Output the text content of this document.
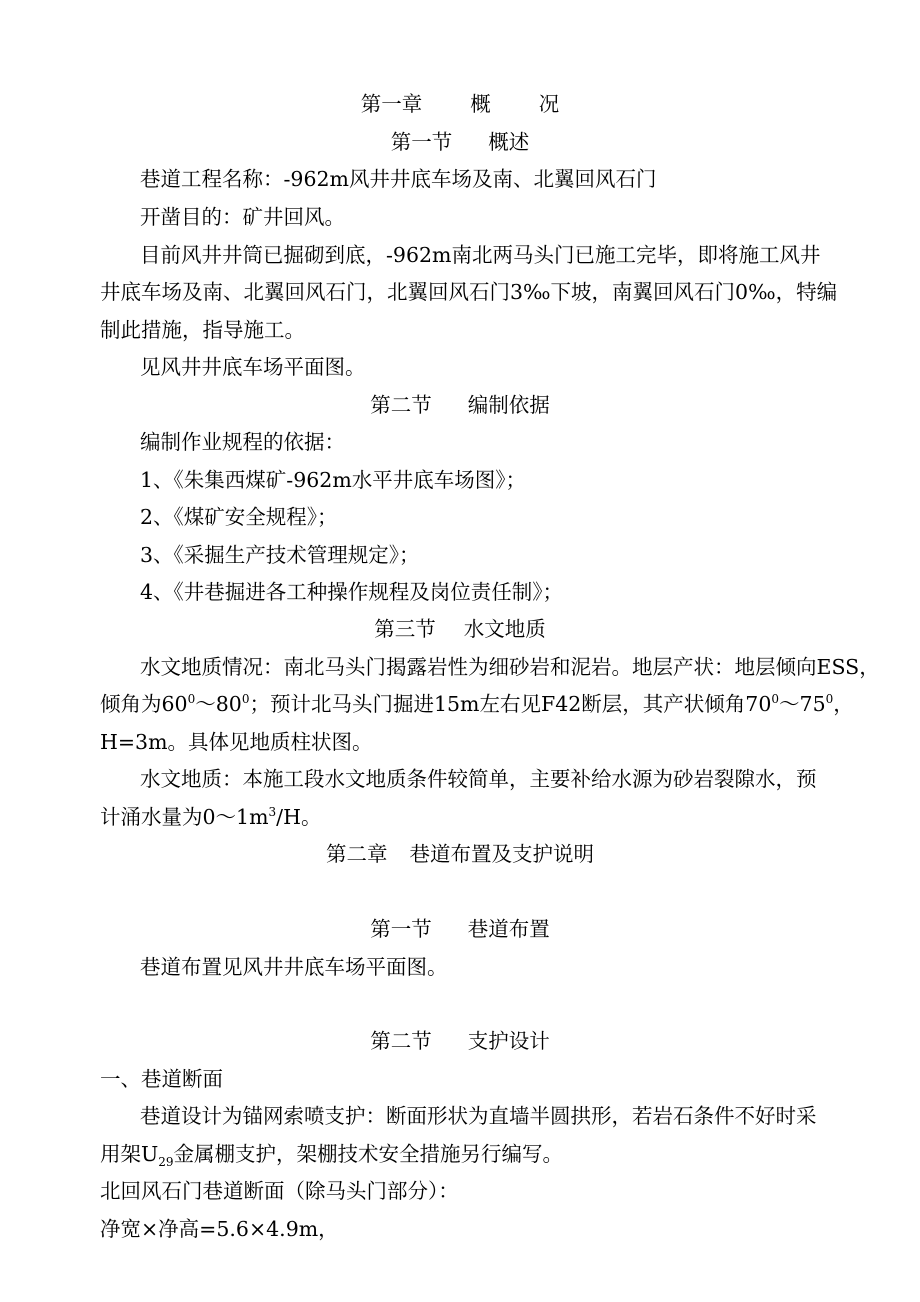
第一章 概 况
第一节 概述
巷道工程名称：-962m风井井底车场及南、北翼回风石门
开凿目的：矿井回风。
目前风井井筒已掘砌到底，-962m南北两马头门已施工完毕，即将施工风井
井底车场及南、北翼回风石门，北翼回风石门3‰下坡，南翼回风石门0‰，特编
制此措施，指导施工。
见风井井底车场平面图。
第二节 编制依据
编制作业规程的依据：
1、《朱集西煤矿-962m水平井底车场图》；
2、《煤矿安全规程》；
3、《采掘生产技术管理规定》；
4、《井巷掘进各工种操作规程及岗位责任制》；
第三节 水文地质
水文地质情况：南北马头门揭露岩性为细砂岩和泥岩。地层产状：地层倾向ESS，
倾角为$60^0\sim 80^0$；预计北马头门掘进15m左右见F42断层，其产状倾角$70^0\sim 75^0$，
H=3m。具体见地质柱状图。
水文地质：本施工段水文地质条件较简单，主要补给水源为砂岩裂隙水，预
计涌水量为$0\sim 1m^3/H$。
第二章 巷道布置及支护说明
第一节 巷道布置
巷道布置见风井井底车场平面图。
第二节 支护设计
一、巷道断面
巷道设计为锚网索喷支护：断面形状为直墙半圆拱形，若岩石条件不好时采
用架$U_{29}$金属棚支护，架棚技术安全措施另行编写。
北回风石门巷道断面（除马头门部分）：
净宽×净高=5.6×4.9m，
